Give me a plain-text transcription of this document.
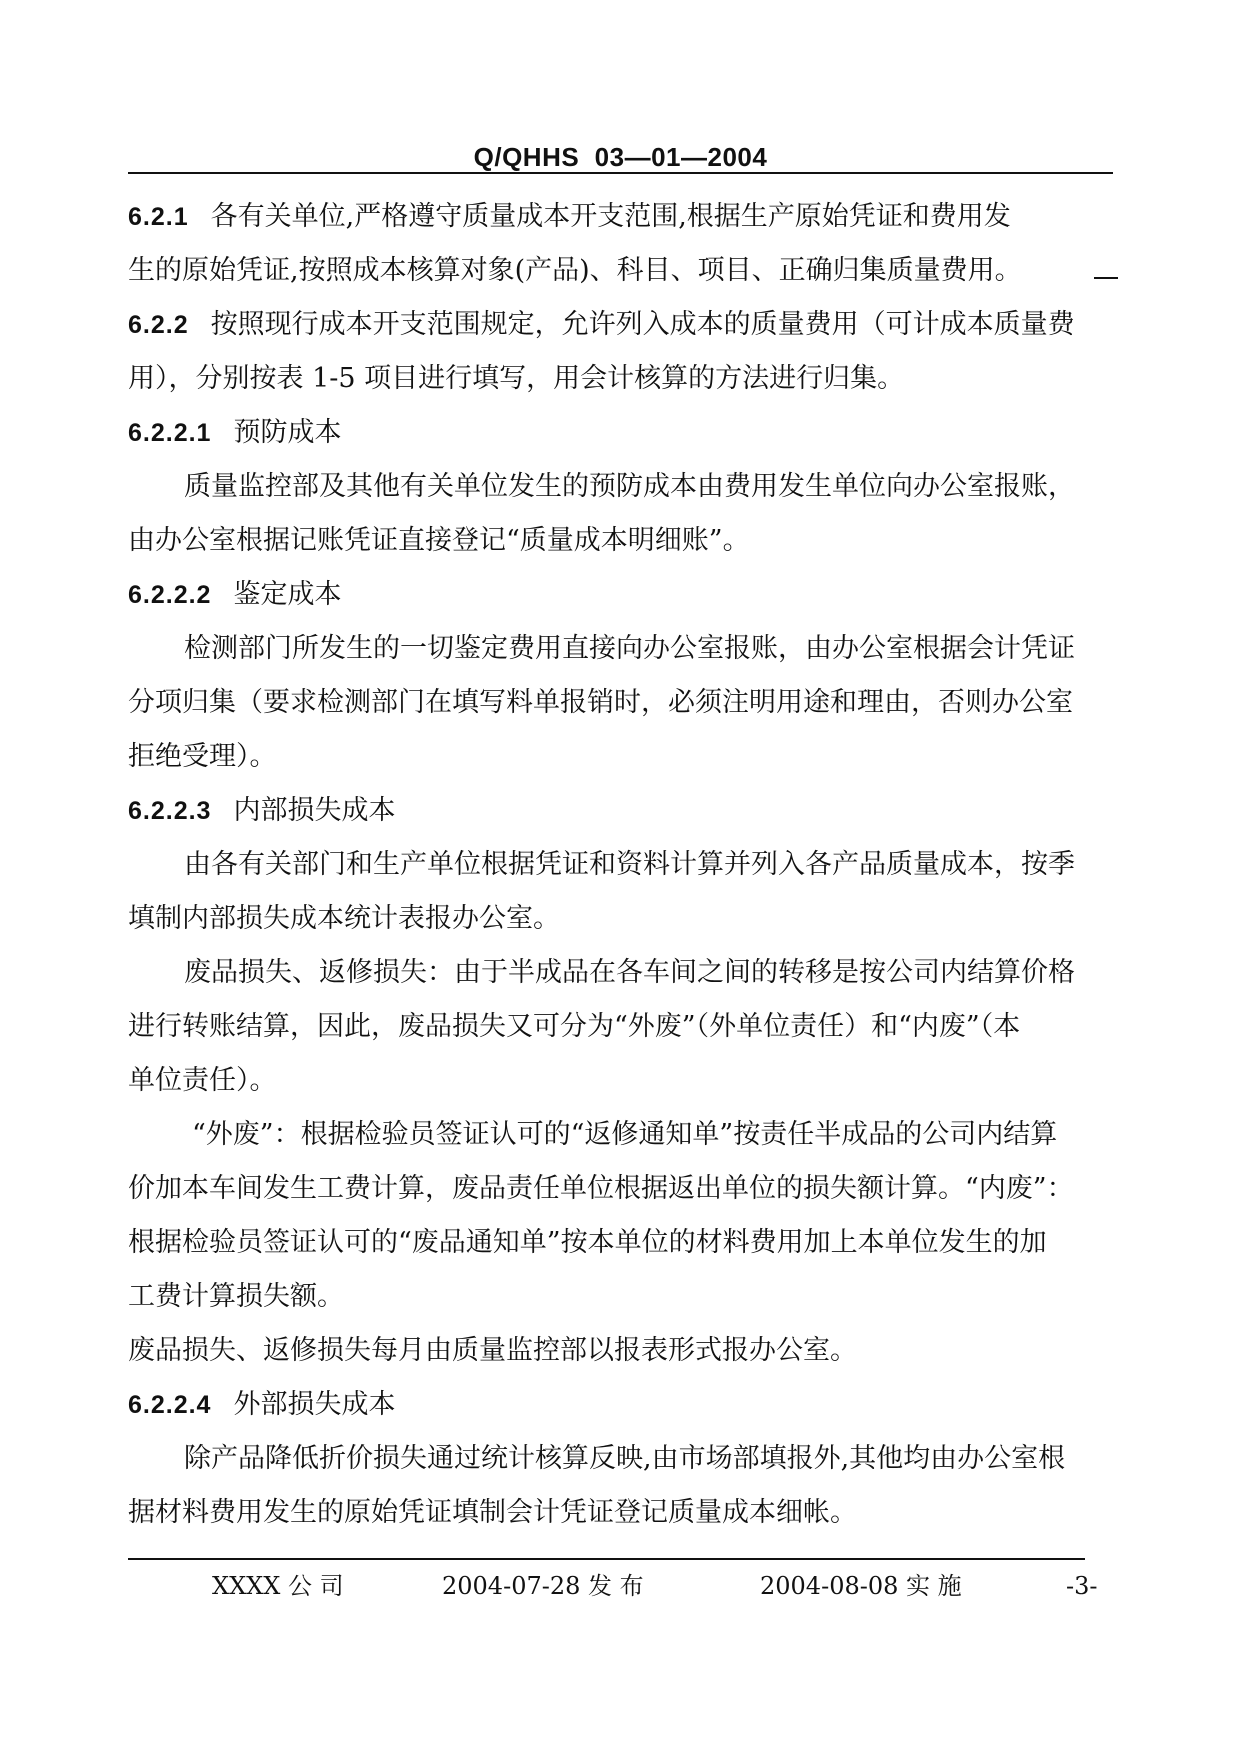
Q/QHHS  03—01—2004
6.2.1 各有关单位,严格遵守质量成本开支范围,根据生产原始凭证和费用发
生的原始凭证,按照成本核算对象(产品)、科目、项目、正确归集质量费用。
6.2.2 按照现行成本开支范围规定，允许列入成本的质量费用（可计成本质量费
用），分别按表 1-5 项目进行填写，用会计核算的方法进行归集。
6.2.2.1 预防成本
质量监控部及其他有关单位发生的预防成本由费用发生单位向办公室报账，
由办公室根据记账凭证直接登记“质量成本明细账”。
6.2.2.2 鉴定成本
检测部门所发生的一切鉴定费用直接向办公室报账，由办公室根据会计凭证
分项归集（要求检测部门在填写料单报销时，必须注明用途和理由，否则办公室
拒绝受理）。
6.2.2.3 内部损失成本
由各有关部门和生产单位根据凭证和资料计算并列入各产品质量成本，按季
填制内部损失成本统计表报办公室。
废品损失、返修损失：由于半成品在各车间之间的转移是按公司内结算价格
进行转账结算，因此，废品损失又可分为“外废”（外单位责任）和“内废”（本
单位责任）。
“外废”：根据检验员签证认可的“返修通知单”按责任半成品的公司内结算
价加本车间发生工费计算，废品责任单位根据返出单位的损失额计算。“内废”：
根据检验员签证认可的“废品通知单”按本单位的材料费用加上本单位发生的加
工费计算损失额。
废品损失、返修损失每月由质量监控部以报表形式报办公室。
6.2.2.4 外部损失成本
除产品降低折价损失通过统计核算反映,由市场部填报外,其他均由办公室根
据材料费用发生的原始凭证填制会计凭证登记质量成本细帐。
XXXX 公 司	2004-07-28 发 布	2004-08-08 实 施	-3-
